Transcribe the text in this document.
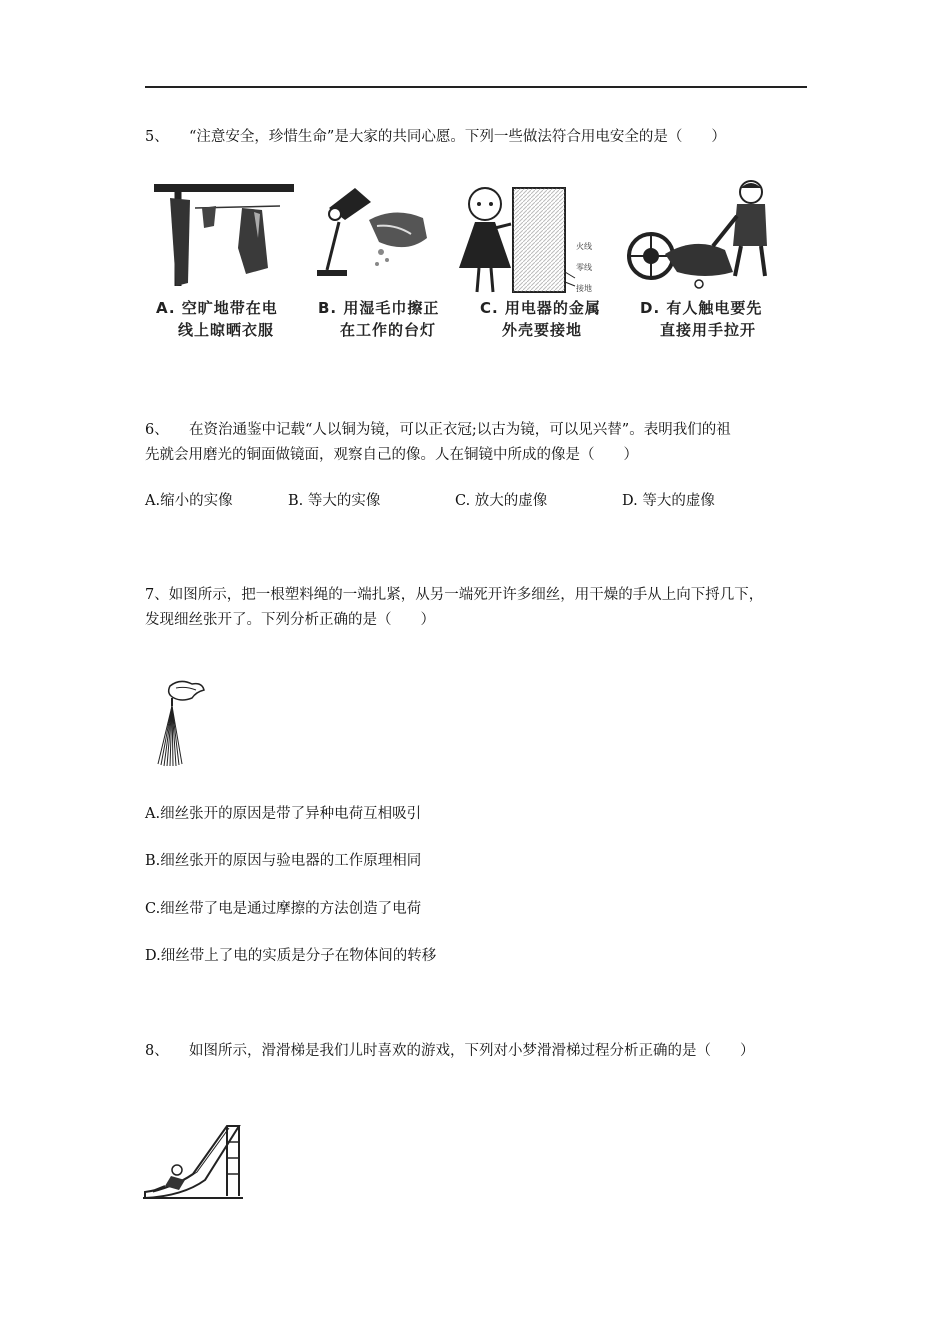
5、 “注意安全，珍惜生命”是大家的共同心愿。下列一些做法符合用电安全的是（　　）
A. 空旷地带在电
线上晾晒衣服
B. 用湿毛巾擦正
在工作的台灯
火线
零线
接地
C. 用电器的金属
外壳要接地
D. 有人触电要先
直接用手拉开
6、 在资治通鉴中记载“人以铜为镜，可以正衣冠;以古为镜，可以见兴替”。表明我们的祖
先就会用磨光的铜面做镜面，观察自己的像。人在铜镜中所成的像是（　　）
A.缩小的实像	B. 等大的实像	C. 放大的虚像	D. 等大的虚像
7、如图所示，把一根塑料绳的一端扎紧，从另一端死开许多细丝，用干燥的手从上向下捋几下，
发现细丝张开了。下列分析正确的是（　　）
A.细丝张开的原因是带了异种电荷互相吸引
B.细丝张开的原因与验电器的工作原理相同
C.细丝带了电是通过摩擦的方法创造了电荷
D.细丝带上了电的实质是分子在物体间的转移
8、 如图所示，滑滑梯是我们儿时喜欢的游戏，下列对小梦滑滑梯过程分析正确的是（　　）
